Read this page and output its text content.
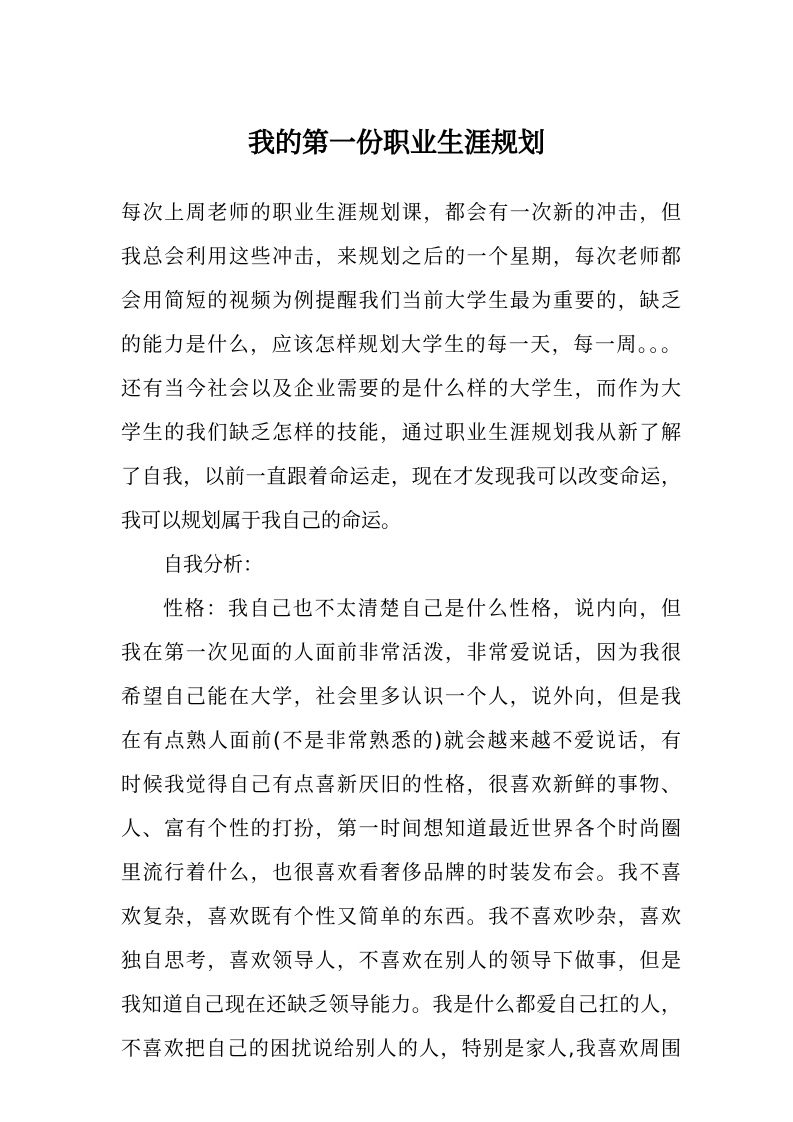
我的第一份职业生涯规划
每次上周老师的职业生涯规划课，都会有一次新的冲击，但
我总会利用这些冲击，来规划之后的一个星期，每次老师都
会用简短的视频为例提醒我们当前大学生最为重要的，缺乏
的能力是什么，应该怎样规划大学生的每一天，每一周。。。
还有当今社会以及企业需要的是什么样的大学生，而作为大
学生的我们缺乏怎样的技能，通过职业生涯规划我从新了解
了自我，以前一直跟着命运走，现在才发现我可以改变命运，
我可以规划属于我自己的命运。
自我分析：
性格：我自己也不太清楚自己是什么性格，说内向，但
我在第一次见面的人面前非常活泼，非常爱说话，因为我很
希望自己能在大学，社会里多认识一个人，说外向，但是我
在有点熟人面前(不是非常熟悉的)就会越来越不爱说话，有
时候我觉得自己有点喜新厌旧的性格，很喜欢新鲜的事物、
人、富有个性的打扮，第一时间想知道最近世界各个时尚圈
里流行着什么，也很喜欢看奢侈品牌的时装发布会。我不喜
欢复杂，喜欢既有个性又简单的东西。我不喜欢吵杂，喜欢
独自思考，喜欢领导人，不喜欢在别人的领导下做事，但是
我知道自己现在还缺乏领导能力。我是什么都爱自己扛的人，
不喜欢把自己的困扰说给别人的人，特别是家人,我喜欢周围
